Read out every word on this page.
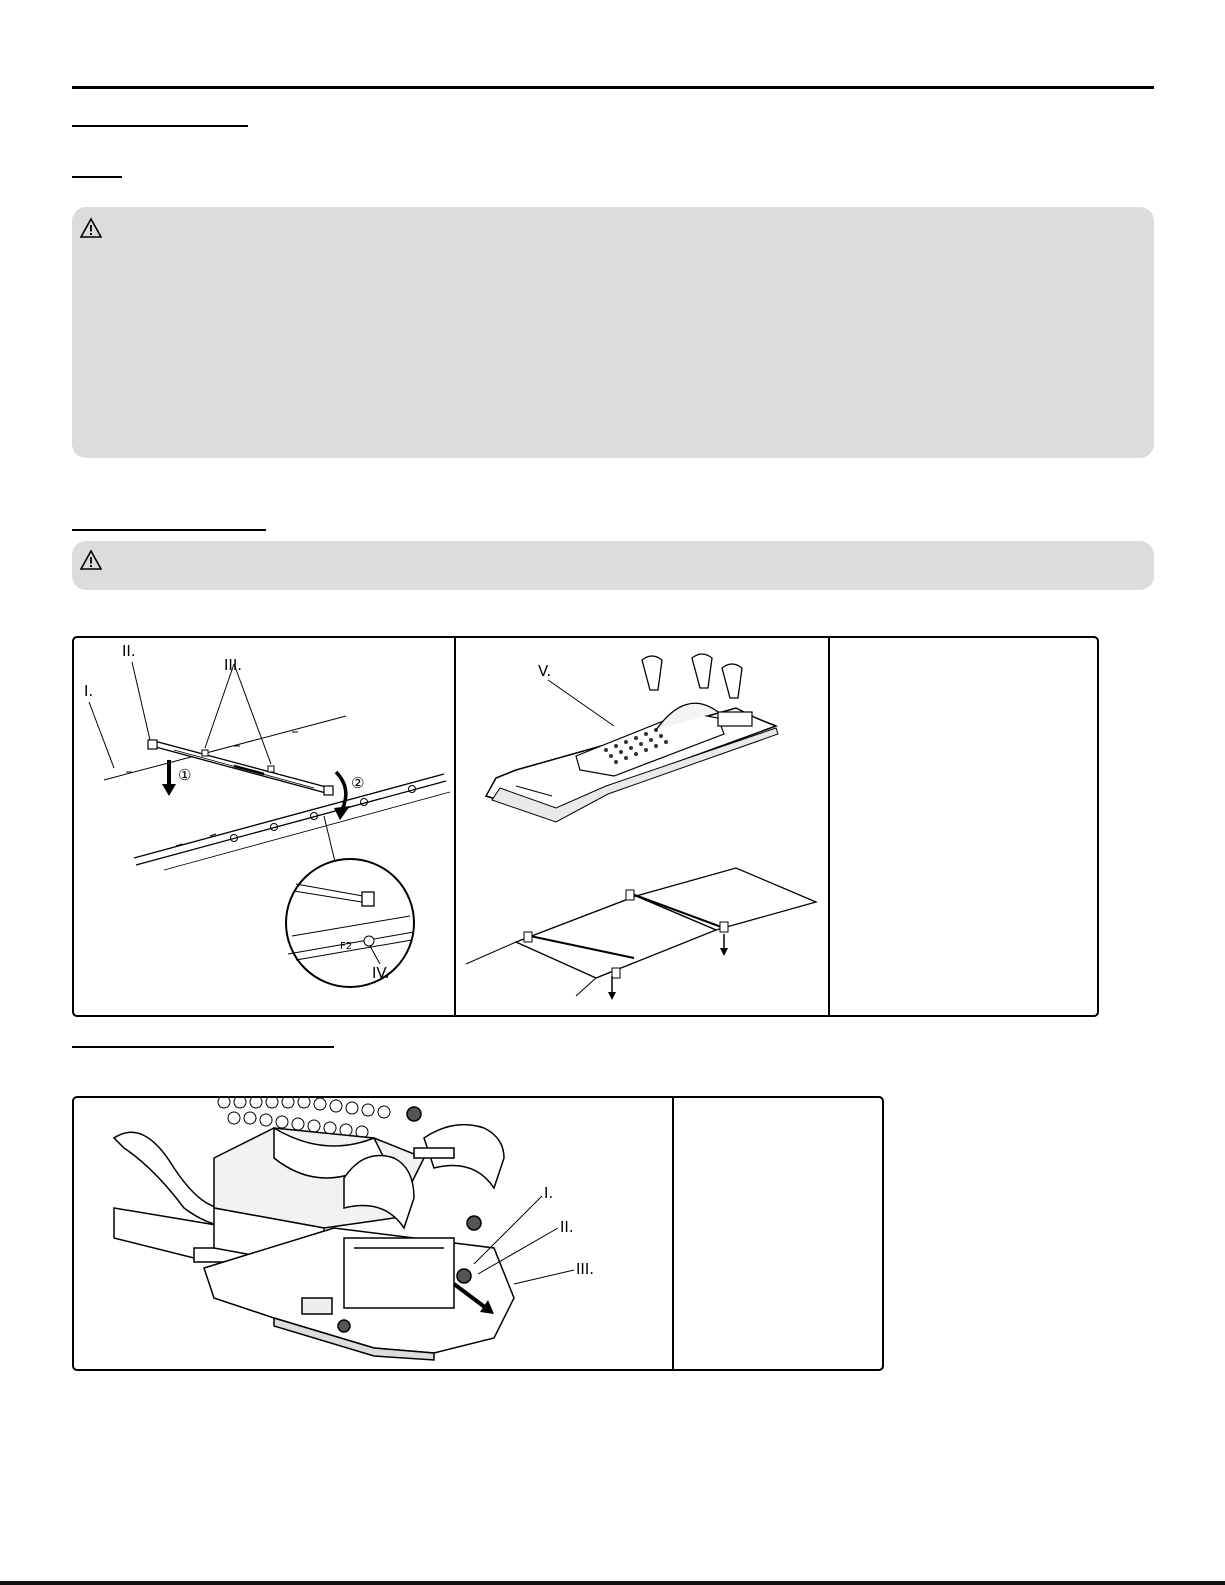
①	②
I.
II.
III.
F2
IV.
V.
I.
II.
III.
